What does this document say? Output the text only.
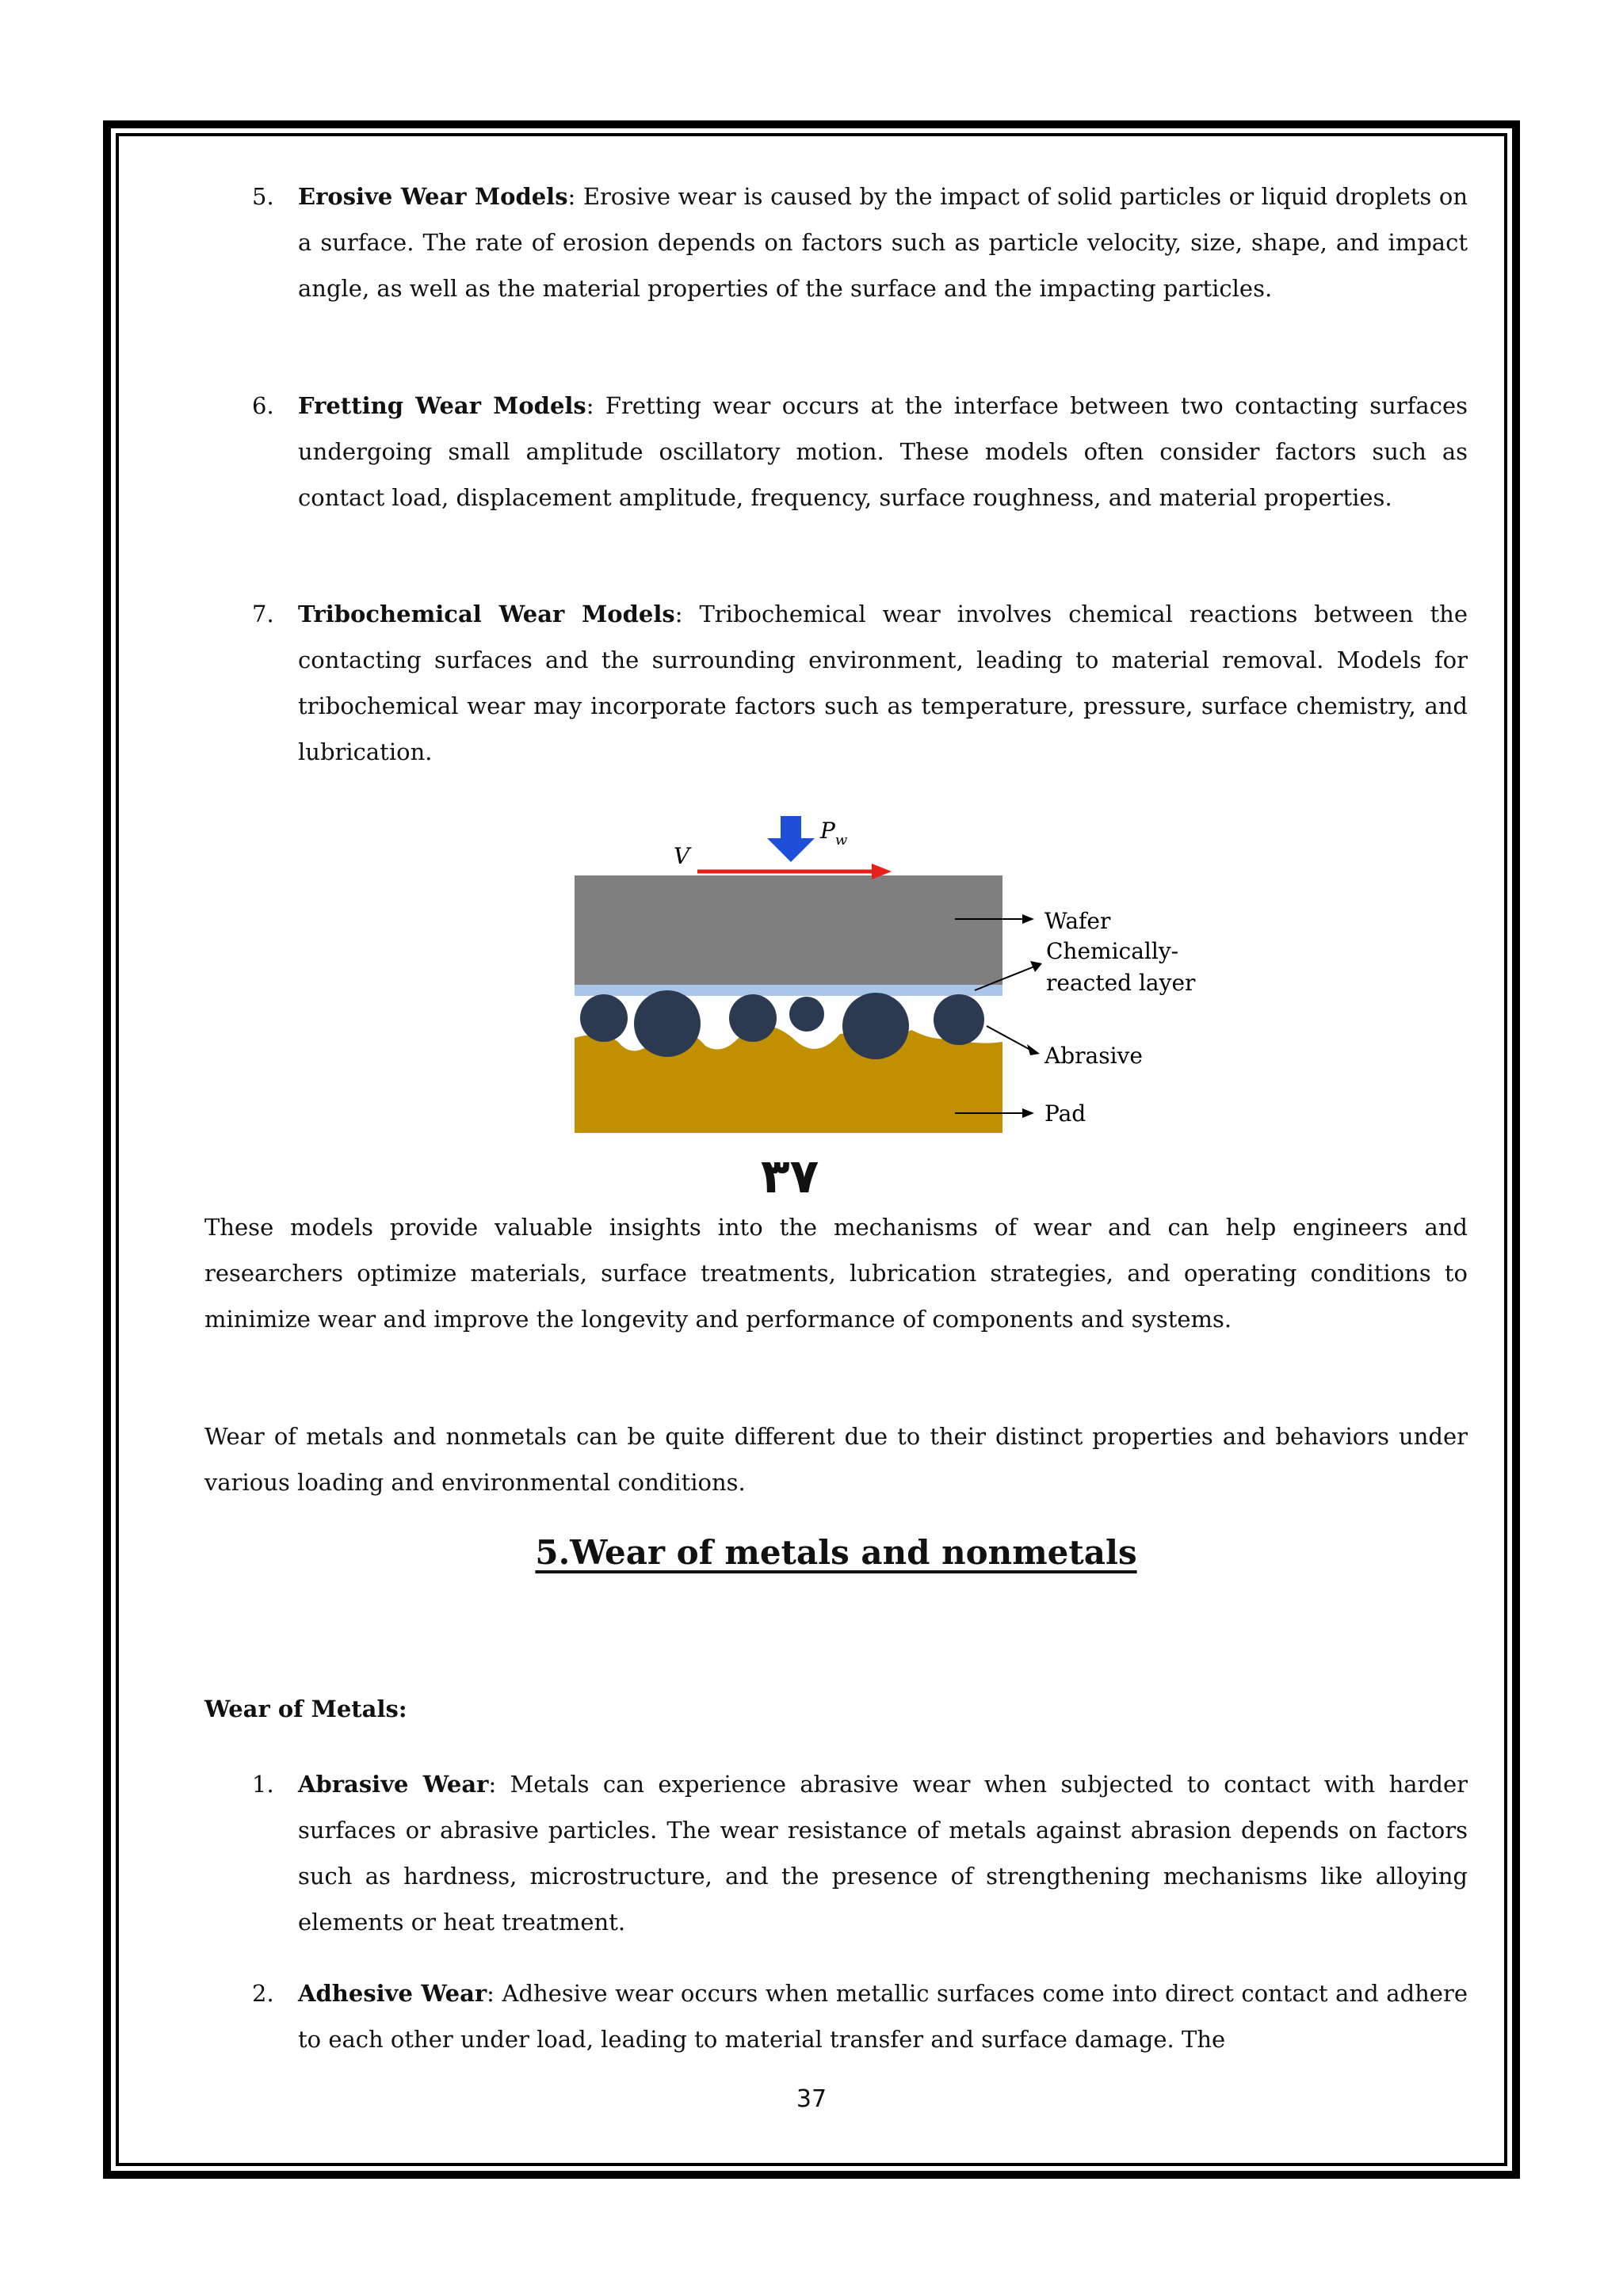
5. Erosive Wear Models: Erosive wear is caused by the impact of solid particles or liquid droplets on a surface. The rate of erosion depends on factors such as particle velocity, size, shape, and impact angle, as well as the material properties of the surface and the impacting particles.
6. Fretting Wear Models: Fretting wear occurs at the interface between two contacting surfaces undergoing small amplitude oscillatory motion. These models often consider factors such as contact load, displacement amplitude, frequency, surface roughness, and material properties.
7. Tribochemical Wear Models: Tribochemical wear involves chemical reactions between the contacting surfaces and the surrounding environment, leading to material removal. Models for tribochemical wear may incorporate factors such as temperature, pressure, surface chemistry, and lubrication.
V
$P_w$
Wafer
Chemically-
reacted layer
Abrasive
Pad
٣٧
These models provide valuable insights into the mechanisms of wear and can help engineers and researchers optimize materials, surface treatments, lubrication strategies, and operating conditions to minimize wear and improve the longevity and performance of components and systems.
Wear of metals and nonmetals can be quite different due to their distinct properties and behaviors under various loading and environmental conditions.
5.Wear of metals and nonmetals
Wear of Metals:
1. Abrasive Wear: Metals can experience abrasive wear when subjected to contact with harder surfaces or abrasive particles. The wear resistance of metals against abrasion depends on factors such as hardness, microstructure, and the presence of strengthening mechanisms like alloying elements or heat treatment.
2. Adhesive Wear: Adhesive wear occurs when metallic surfaces come into direct contact and adhere to each other under load, leading to material transfer and surface damage. The
37
